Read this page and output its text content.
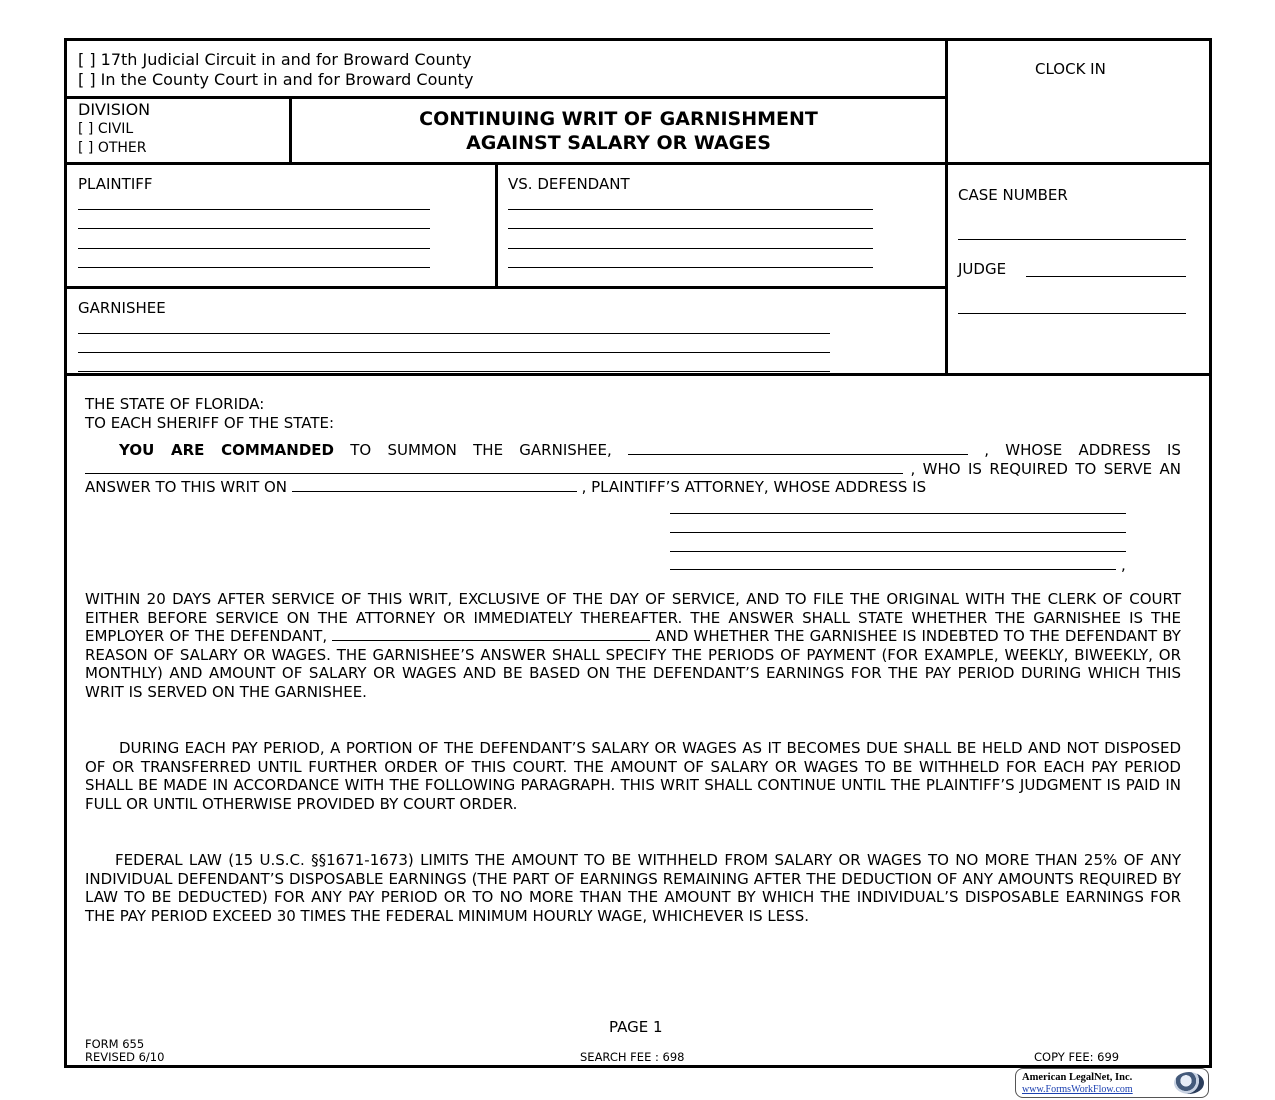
[ ] 17th Judicial Circuit in and for Broward County
[ ] In the County Court in and for Broward County
CLOCK IN
DIVISION
[ ] CIVIL
[ ] OTHER
CONTINUING WRIT OF GARNISHMENT
AGAINST SALARY OR WAGES
PLAINTIFF	VS. DEFENDANT
CASE NUMBER
JUDGE
GARNISHEE
THE STATE OF FLORIDA:
TO EACH SHERIFF OF THE STATE:

YOU ARE COMMANDED TO SUMMON THE GARNISHEE,	, WHOSE ADDRESS IS  , WHO IS REQUIRED TO SERVE AN ANSWER TO THIS WRIT ON	, PLAINTIFF’S ATTORNEY, WHOSE ADDRESS IS

,

WITHIN 20 DAYS AFTER SERVICE OF THIS WRIT, EXCLUSIVE OF THE DAY OF SERVICE, AND TO FILE THE ORIGINAL WITH THE CLERK OF COURT EITHER BEFORE SERVICE ON THE ATTORNEY OR IMMEDIATELY THEREAFTER. THE ANSWER SHALL STATE WHETHER THE GARNISHEE IS THE EMPLOYER OF THE DEFENDANT,	AND WHETHER THE GARNISHEE IS INDEBTED TO THE DEFENDANT BY REASON OF SALARY OR WAGES. THE GARNISHEE’S ANSWER SHALL SPECIFY THE PERIODS OF PAYMENT (FOR EXAMPLE, WEEKLY, BIWEEKLY, OR MONTHLY) AND AMOUNT OF SALARY OR WAGES AND BE BASED ON THE DEFENDANT’S EARNINGS FOR THE PAY PERIOD DURING WHICH THIS WRIT IS SERVED ON THE GARNISHEE.

DURING EACH PAY PERIOD, A PORTION OF THE DEFENDANT’S SALARY OR WAGES AS IT BECOMES DUE SHALL BE HELD AND NOT DISPOSED OF OR TRANSFERRED UNTIL FURTHER ORDER OF THIS COURT. THE AMOUNT OF SALARY OR WAGES TO BE WITHHELD FOR EACH PAY PERIOD SHALL BE MADE IN ACCORDANCE WITH THE FOLLOWING PARAGRAPH. THIS WRIT SHALL CONTINUE UNTIL THE PLAINTIFF’S JUDGMENT IS PAID IN FULL OR UNTIL OTHERWISE PROVIDED BY COURT ORDER.

FEDERAL LAW (15 U.S.C. §§1671-1673) LIMITS THE AMOUNT TO BE WITHHELD FROM SALARY OR WAGES TO NO MORE THAN 25% OF ANY INDIVIDUAL DEFENDANT’S DISPOSABLE EARNINGS (THE PART OF EARNINGS REMAINING AFTER THE DEDUCTION OF ANY AMOUNTS REQUIRED BY LAW TO BE DEDUCTED) FOR ANY PAY PERIOD OR TO NO MORE THAN THE AMOUNT BY WHICH THE INDIVIDUAL’S DISPOSABLE EARNINGS FOR THE PAY PERIOD EXCEED 30 TIMES THE FEDERAL MINIMUM HOURLY WAGE, WHICHEVER IS LESS.

PAGE 1
FORM 655
REVISED 6/10	SEARCH FEE : 698	COPY FEE: 699
American LegalNet, Inc.
www.FormsWorkFlow.com
